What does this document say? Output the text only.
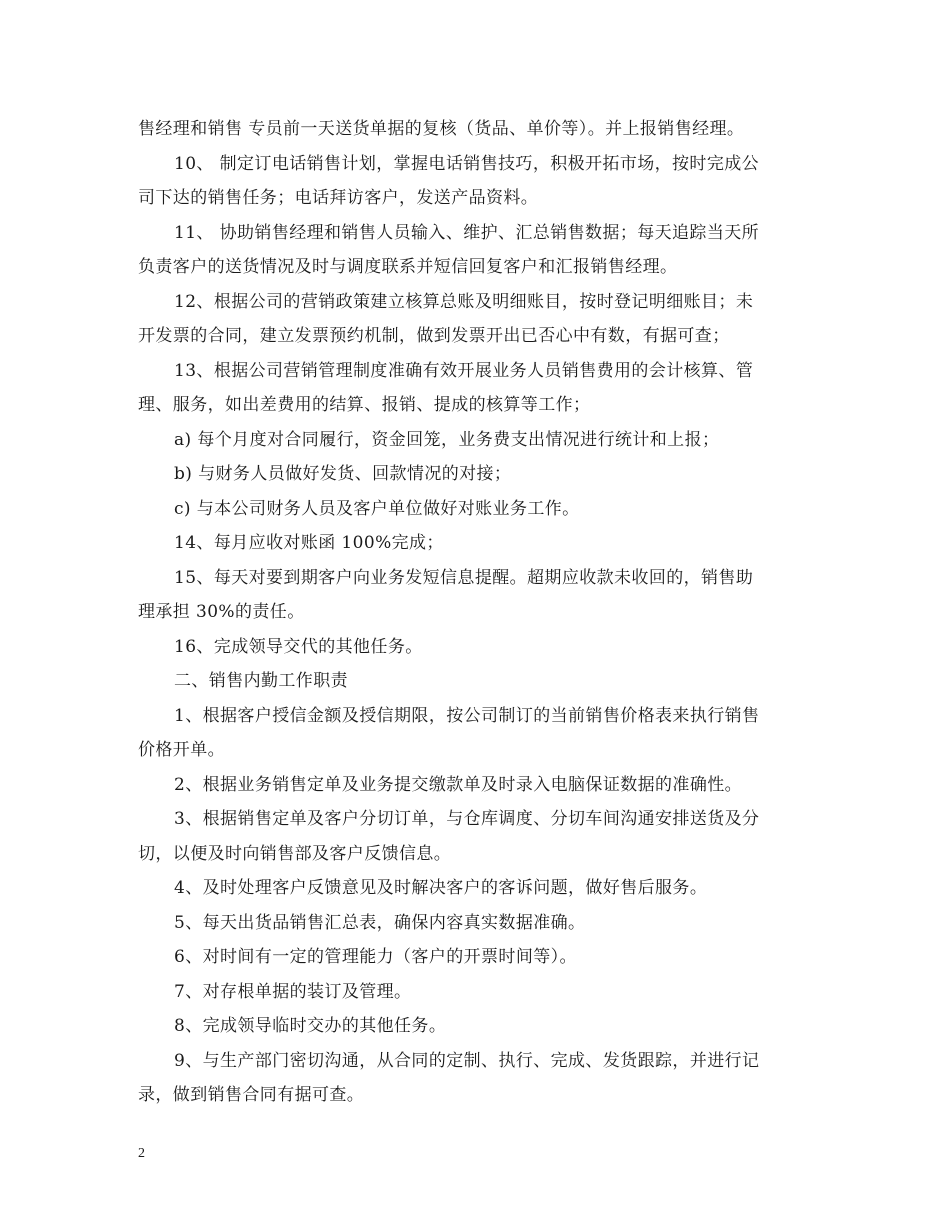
售经理和销售 专员前一天送货单据的复核（货品、单价等）。并上报销售经理。
10、 制定订电话销售计划，掌握电话销售技巧，积极开拓市场，按时完成公
司下达的销售任务；电话拜访客户，发送产品资料。
11、 协助销售经理和销售人员输入、维护、汇总销售数据；每天追踪当天所
负责客户的送货情况及时与调度联系并短信回复客户和汇报销售经理。
12、根据公司的营销政策建立核算总账及明细账目，按时登记明细账目；未
开发票的合同，建立发票预约机制，做到发票开出已否心中有数，有据可查；
13、根据公司营销管理制度准确有效开展业务人员销售费用的会计核算、管
理、服务，如出差费用的结算、报销、提成的核算等工作；
a) 每个月度对合同履行，资金回笼，业务费支出情况进行统计和上报；
b) 与财务人员做好发货、回款情况的对接；
c) 与本公司财务人员及客户单位做好对账业务工作。
14、每月应收对账函 100%完成；
15、每天对要到期客户向业务发短信息提醒。超期应收款未收回的，销售助
理承担 30%的责任。
16、完成领导交代的其他任务。
二、销售内勤工作职责
1、根据客户授信金额及授信期限，按公司制订的当前销售价格表来执行销售
价格开单。
2、根据业务销售定单及业务提交缴款单及时录入电脑保证数据的准确性。
3、根据销售定单及客户分切订单，与仓库调度、分切车间沟通安排送货及分
切，以便及时向销售部及客户反馈信息。
4、及时处理客户反馈意见及时解决客户的客诉问题，做好售后服务。
5、每天出货品销售汇总表，确保内容真实数据准确。
6、对时间有一定的管理能力（客户的开票时间等）。
7、对存根单据的装订及管理。
8、完成领导临时交办的其他任务。
9、与生产部门密切沟通，从合同的定制、执行、完成、发货跟踪，并进行记
录，做到销售合同有据可查。
2
